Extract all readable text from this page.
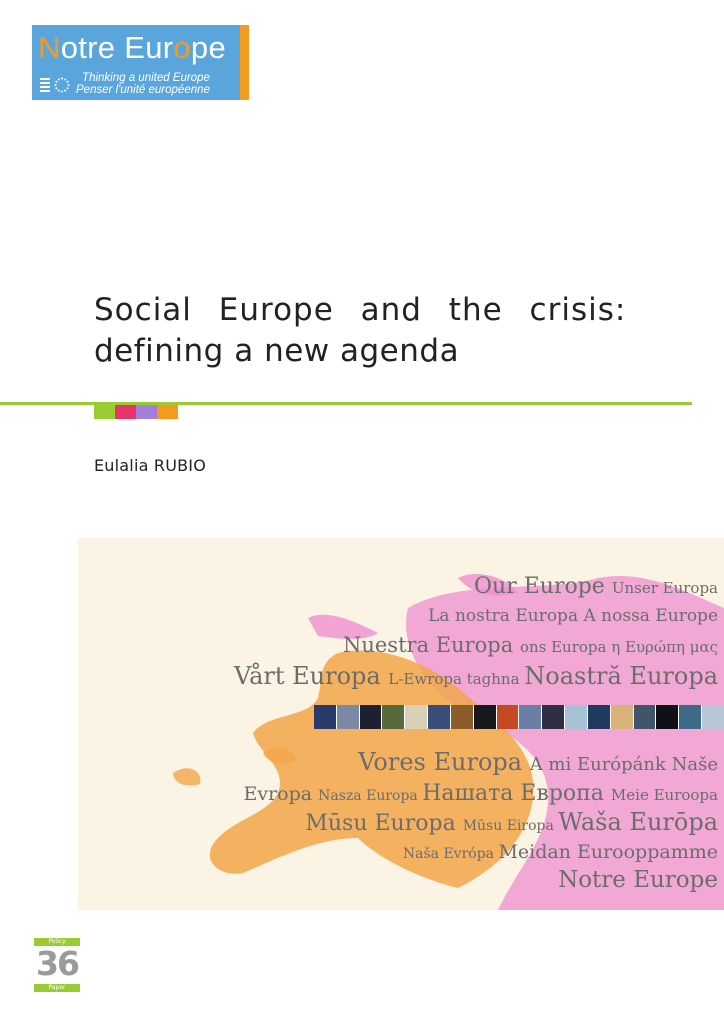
Notre Europe
Thinking a united Europe
Penser l'unité européenne
Social Europe and the crisis:
defining a new agenda
Eulalia RUBIO
Our Europe Unser Europa
La nostra Europa A nossa Europe
Nuestra Europa ons Europa η Ευρώπη μας
Vårt Europa L-Ewropa taghna Noastră Europa
Vores Europa A mi Európánk Naše
Evropa Nasza Europa Нашата Европа Meie Euroopa
Mūsu Europa Mūsu Eiropa Waša Eurōpa
Naša Evrópa Meidan Eurooppamme
Notre Europe
Policy
36
Paper
